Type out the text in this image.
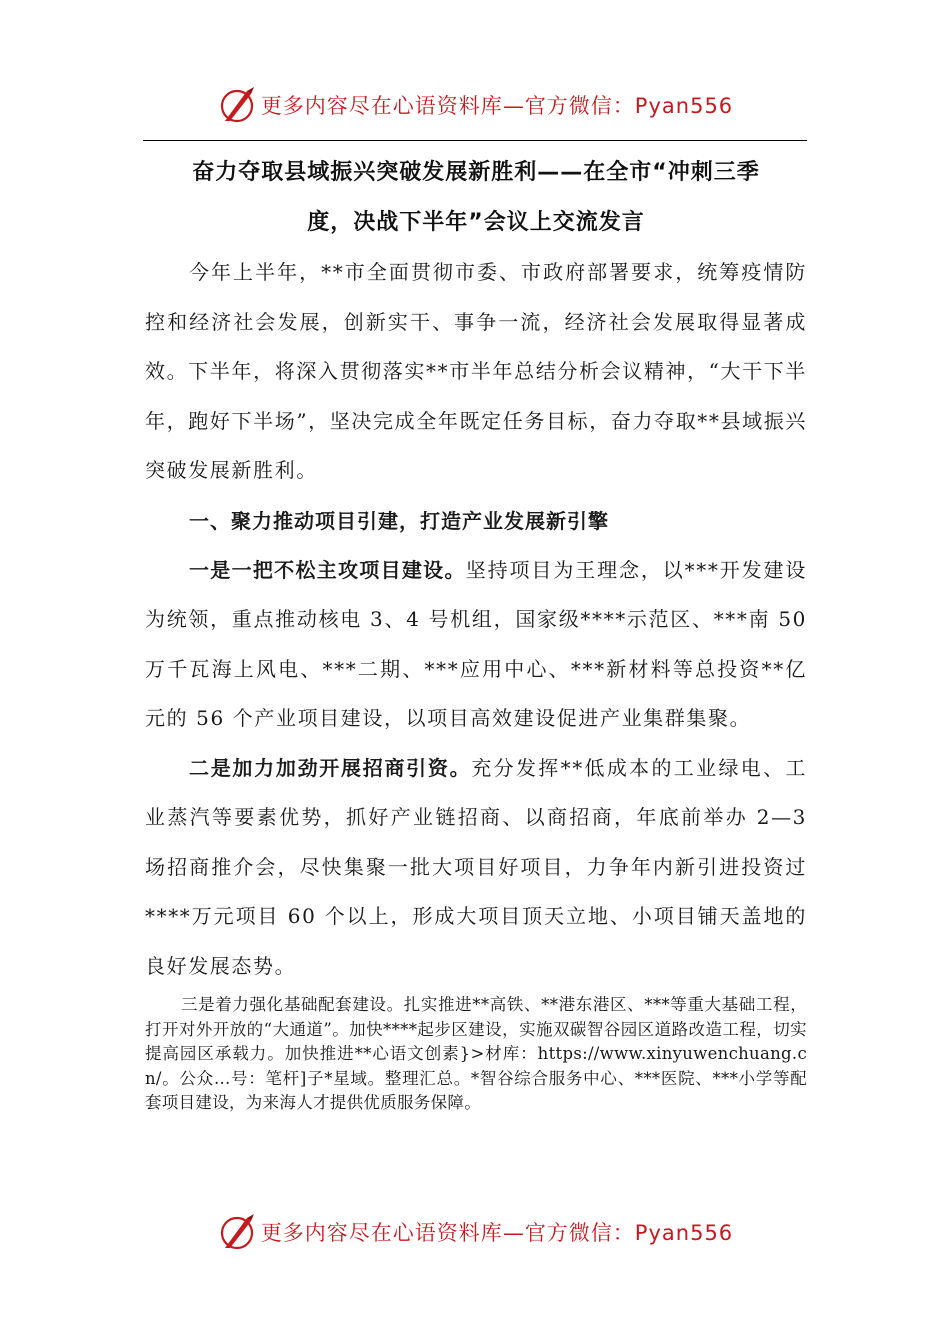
更多内容尽在心语资料库—官方微信：Pyan556

奋力夺取县域振兴突破发展新胜利——在全市“冲刺三季

度，决战下半年”会议上交流发言

今年上半年，**市全面贯彻市委、市政府部署要求，统筹疫情防控和经济社会发展，创新实干、事争一流，经济社会发展取得显著成效。下半年，将深入贯彻落实**市半年总结分析会议精神，“大干下半年，跑好下半场”，坚决完成全年既定任务目标，奋力夺取**县域振兴突破发展新胜利。

一、聚力推动项目引建，打造产业发展新引擎

一是一把不松主攻项目建设。坚持项目为王理念，以***开发建设为统领，重点推动核电 3、4 号机组，国家级****示范区、***南 50 万千瓦海上风电、***二期、***应用中心、***新材料等总投资**亿元的 56 个产业项目建设，以项目高效建设促进产业集群集聚。

二是加力加劲开展招商引资。充分发挥**低成本的工业绿电、工业蒸汽等要素优势，抓好产业链招商、以商招商，年底前举办 2—3 场招商推介会，尽快集聚一批大项目好项目，力争年内新引进投资过****万元项目 60 个以上，形成大项目顶天立地、小项目铺天盖地的良好发展态势。

三是着力强化基础配套建设。扎实推进**高铁、**港东港区、***等重大基础工程，打开对外开放的“大通道”。加快****起步区建设，实施双碳智谷园区道路改造工程，切实提高园区承载力。加快推进**心语文创素}>材库：https://www.xinyuwenchuang.cn/。公众…号：笔杆]子*星域。整理汇总。*智谷综合服务中心、***医院、***小学等配套项目建设，为来海人才提供优质服务保障。

更多内容尽在心语资料库—官方微信：Pyan556
